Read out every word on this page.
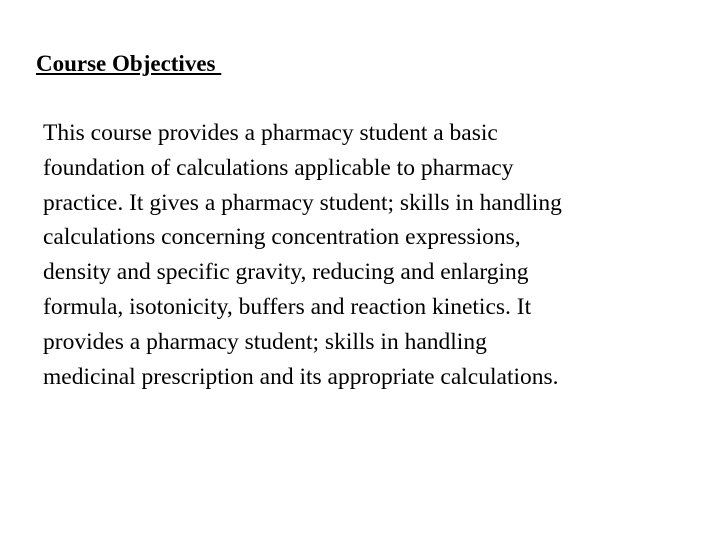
Course Objectives

This course provides a pharmacy student a basic
foundation of calculations applicable to pharmacy
practice. It gives a pharmacy student; skills in handling
calculations concerning concentration expressions,
density and specific gravity, reducing and enlarging
formula, isotonicity, buffers and reaction kinetics. It
provides a pharmacy student; skills in handling
medicinal prescription and its appropriate calculations.
